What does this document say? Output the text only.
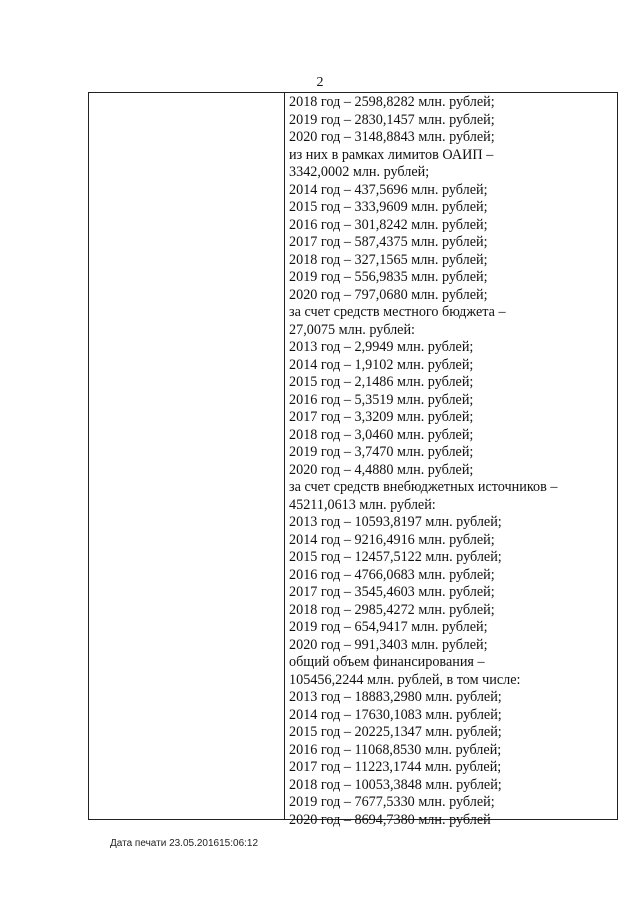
2
2018 год – 2598,8282 млн. рублей;
2019 год – 2830,1457 млн. рублей;
2020 год – 3148,8843 млн. рублей;
из них в рамках лимитов ОАИП –
3342,0002 млн. рублей;
2014 год – 437,5696 млн. рублей;
2015 год – 333,9609 млн. рублей;
2016 год – 301,8242 млн. рублей;
2017 год – 587,4375 млн. рублей;
2018 год – 327,1565 млн. рублей;
2019 год – 556,9835 млн. рублей;
2020 год – 797,0680 млн. рублей;
за счет средств местного бюджета –
27,0075 млн. рублей:
2013 год – 2,9949 млн. рублей;
2014 год – 1,9102 млн. рублей;
2015 год – 2,1486 млн. рублей;
2016 год – 5,3519 млн. рублей;
2017 год – 3,3209 млн. рублей;
2018 год – 3,0460 млн. рублей;
2019 год – 3,7470 млн. рублей;
2020 год – 4,4880 млн. рублей;
за счет средств внебюджетных источников –
45211,0613 млн. рублей:
2013 год – 10593,8197 млн. рублей;
2014 год – 9216,4916 млн. рублей;
2015 год – 12457,5122 млн. рублей;
2016 год – 4766,0683 млн. рублей;
2017 год – 3545,4603 млн. рублей;
2018 год – 2985,4272 млн. рублей;
2019 год – 654,9417 млн. рублей;
2020 год – 991,3403 млн. рублей;
общий объем финансирования –
105456,2244 млн. рублей, в том числе:
2013 год – 18883,2980 млн. рублей;
2014 год – 17630,1083 млн. рублей;
2015 год – 20225,1347 млн. рублей;
2016 год – 11068,8530 млн. рублей;
2017 год – 11223,1744 млн. рублей;
2018 год – 10053,3848 млн. рублей;
2019 год – 7677,5330 млн. рублей;
2020 год – 8694,7380 млн. рублей
Дата печати 23.05.201615:06:12
